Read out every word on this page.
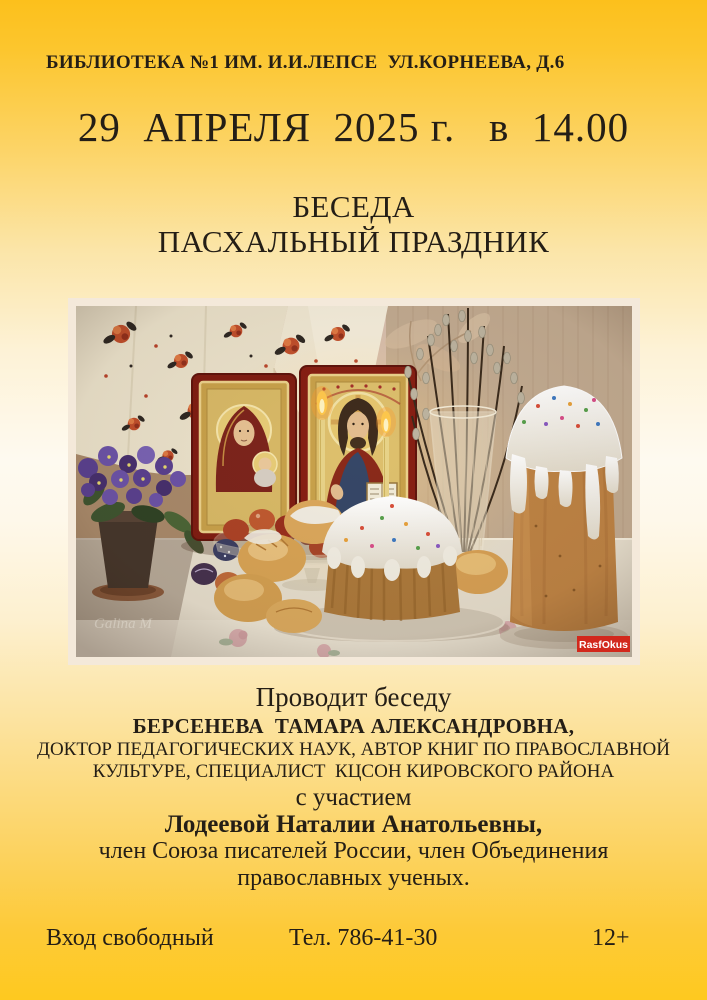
БИБЛИОТЕКА №1 ИМ. И.И.ЛЕПСЕ  УЛ.КОРНЕЕВА, Д.6
29  АПРЕЛЯ  2025 г.   в  14.00
БЕСЕДА
ПАСХАЛЬНЫЙ ПРАЗДНИК
Galina M
RasfOkus
Проводит беседу
БЕРСЕНЕВА  ТАМАРА АЛЕКСАНДРОВНА,
ДОКТОР ПЕДАГОГИЧЕСКИХ НАУК, АВТОР КНИГ ПО ПРАВОСЛАВНОЙ
КУЛЬТУРЕ, СПЕЦИАЛИСТ  КЦСОН КИРОВСКОГО РАЙОНА
с участием
Лодеевой Наталии Анатольевны,
член Союза писателей России, член Объединения
православных ученых.
Вход свободный	Тел. 786-41-30	12+
